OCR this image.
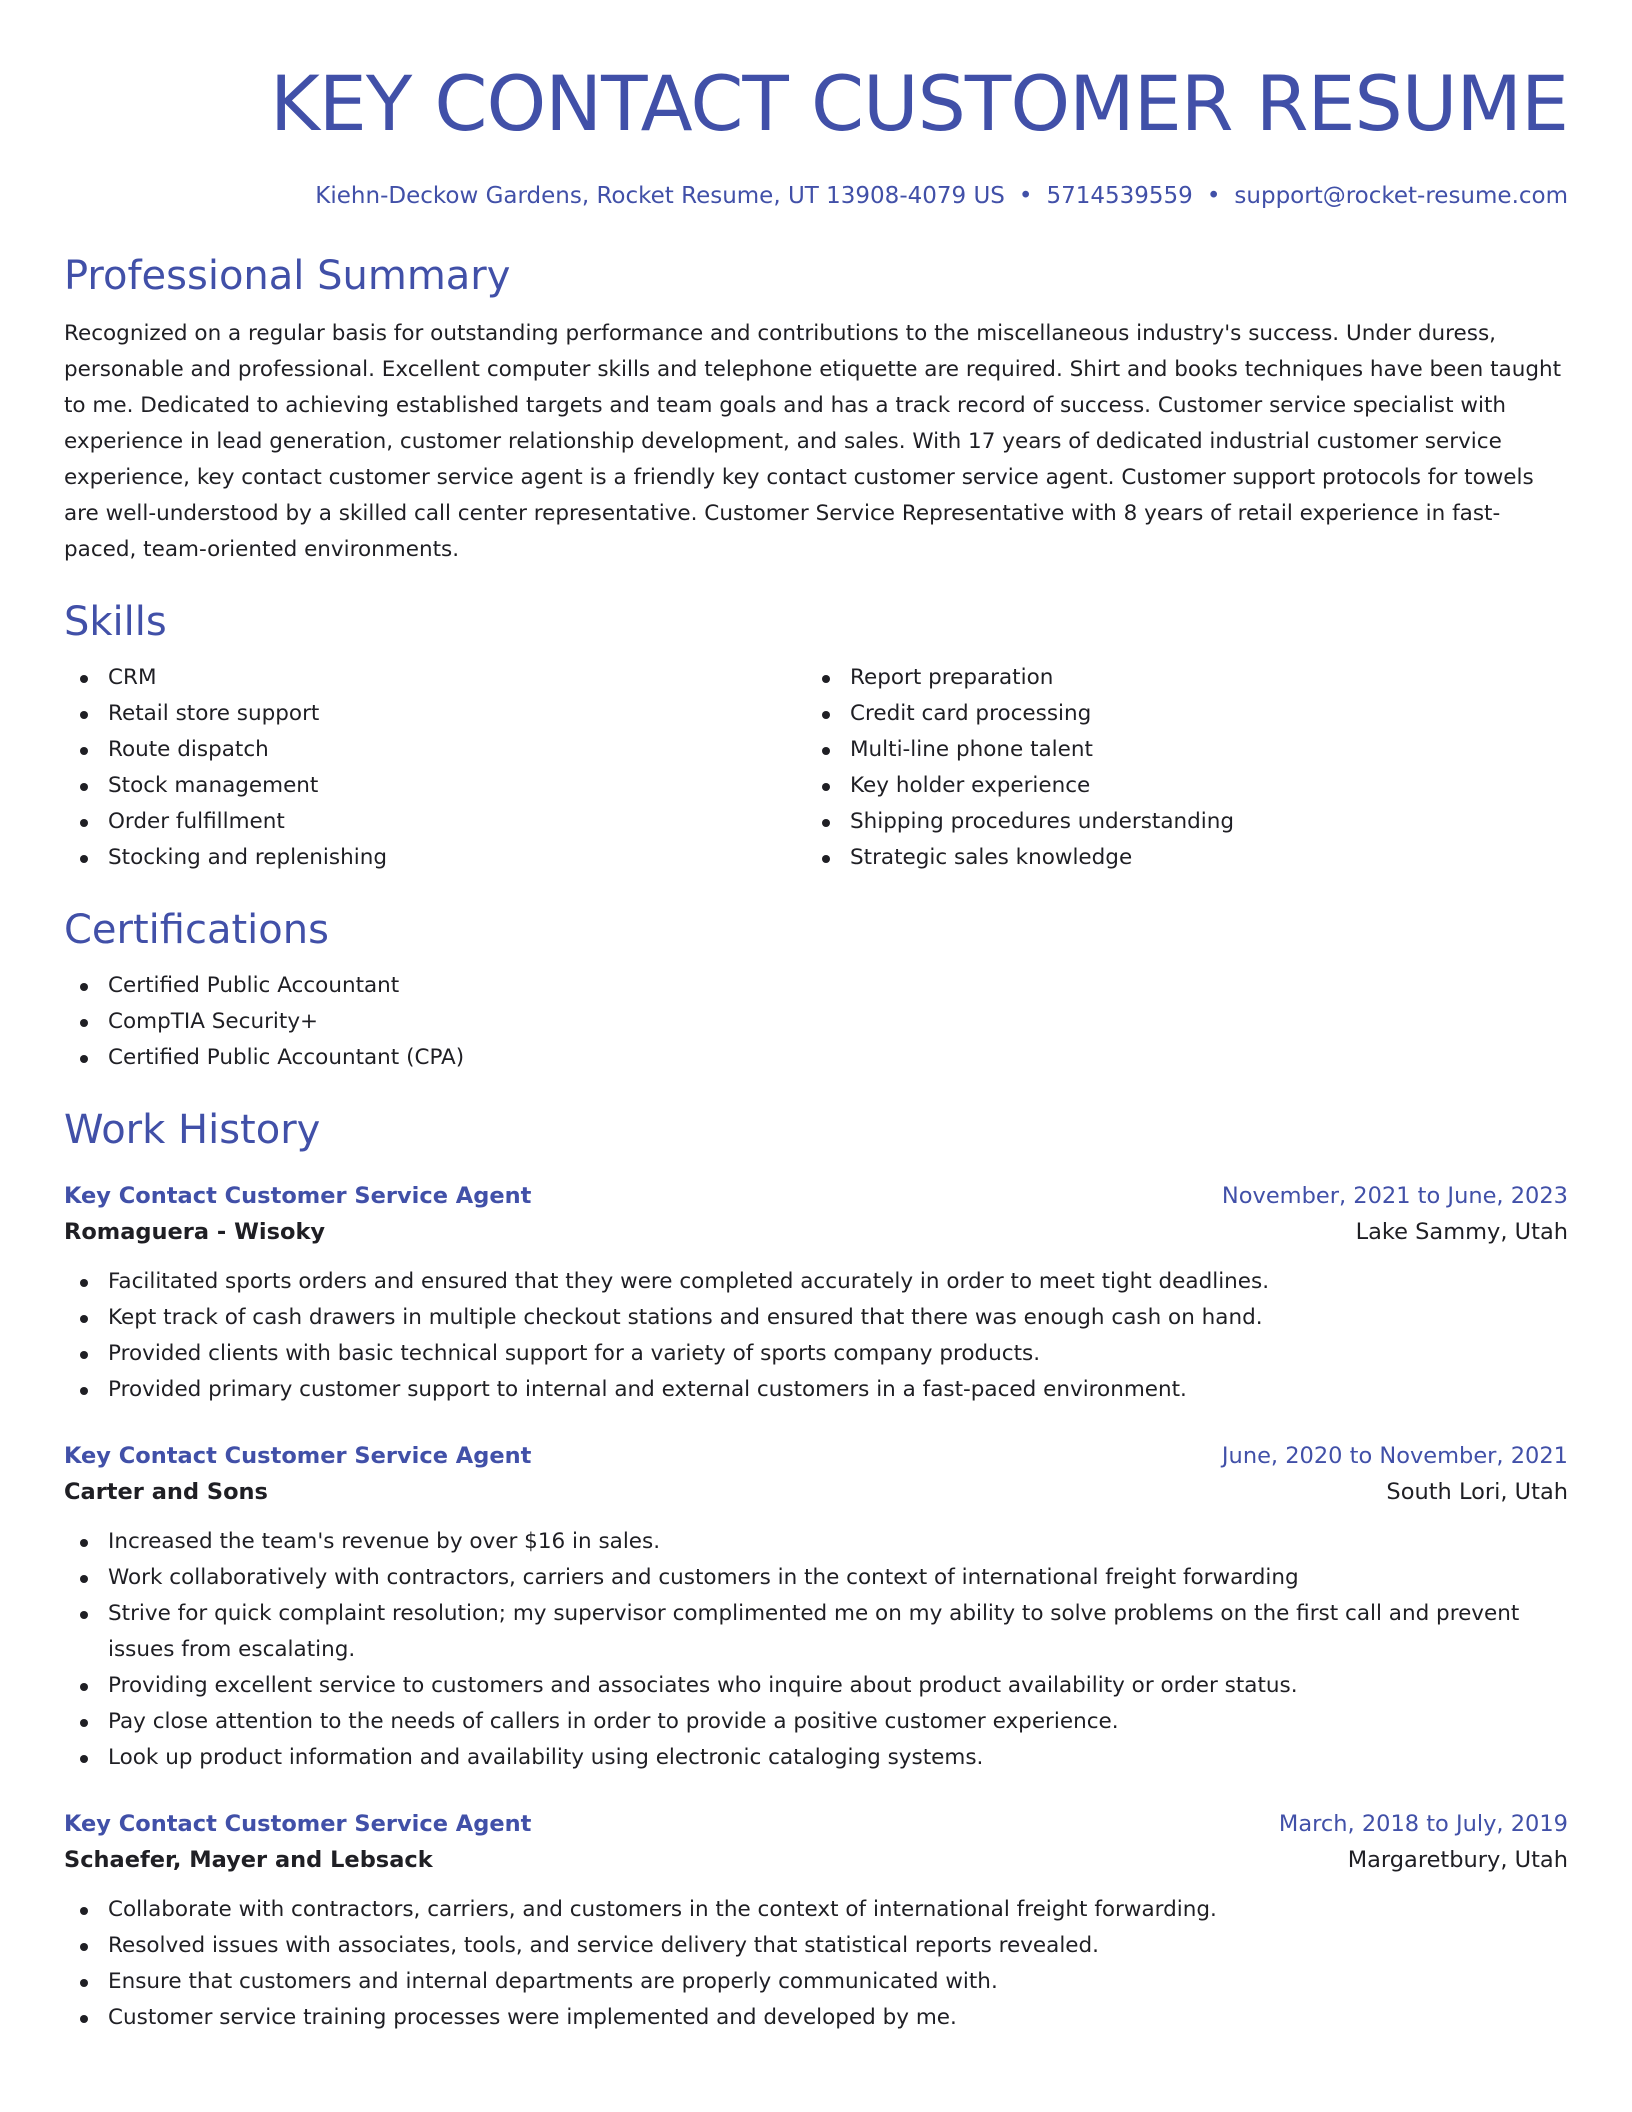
KEY CONTACT CUSTOMER RESUME
Kiehn-Deckow Gardens, Rocket Resume, UT 13908-4079 US • 5714539559 • support@rocket-resume.com
Professional Summary
Recognized on a regular basis for outstanding performance and contributions to the miscellaneous industry's success. Under duress, personable and professional. Excellent computer skills and telephone etiquette are required. Shirt and books techniques have been taught to me. Dedicated to achieving established targets and team goals and has a track record of success. Customer service specialist with experience in lead generation, customer relationship development, and sales. With 17 years of dedicated industrial customer service experience, key contact customer service agent is a friendly key contact customer service agent. Customer support protocols for towels are well-understood by a skilled call center representative. Customer Service Representative with 8 years of retail experience in fast-paced, team-oriented environments.
Skills
CRM
Retail store support
Route dispatch
Stock management
Order fulfillment
Stocking and replenishing
Report preparation
Credit card processing
Multi-line phone talent
Key holder experience
Shipping procedures understanding
Strategic sales knowledge
Certifications
Certified Public Accountant
CompTIA Security+
Certified Public Accountant (CPA)
Work History
Key Contact Customer Service Agent	November, 2021 to June, 2023
Romaguera - Wisoky	Lake Sammy, Utah
Facilitated sports orders and ensured that they were completed accurately in order to meet tight deadlines.
Kept track of cash drawers in multiple checkout stations and ensured that there was enough cash on hand.
Provided clients with basic technical support for a variety of sports company products.
Provided primary customer support to internal and external customers in a fast-paced environment.
Key Contact Customer Service Agent	June, 2020 to November, 2021
Carter and Sons	South Lori, Utah
Increased the team's revenue by over $16 in sales.
Work collaboratively with contractors, carriers and customers in the context of international freight forwarding
Strive for quick complaint resolution; my supervisor complimented me on my ability to solve problems on the first call and prevent issues from escalating.
Providing excellent service to customers and associates who inquire about product availability or order status.
Pay close attention to the needs of callers in order to provide a positive customer experience.
Look up product information and availability using electronic cataloging systems.
Key Contact Customer Service Agent	March, 2018 to July, 2019
Schaefer, Mayer and Lebsack	Margaretbury, Utah
Collaborate with contractors, carriers, and customers in the context of international freight forwarding.
Resolved issues with associates, tools, and service delivery that statistical reports revealed.
Ensure that customers and internal departments are properly communicated with.
Customer service training processes were implemented and developed by me.
